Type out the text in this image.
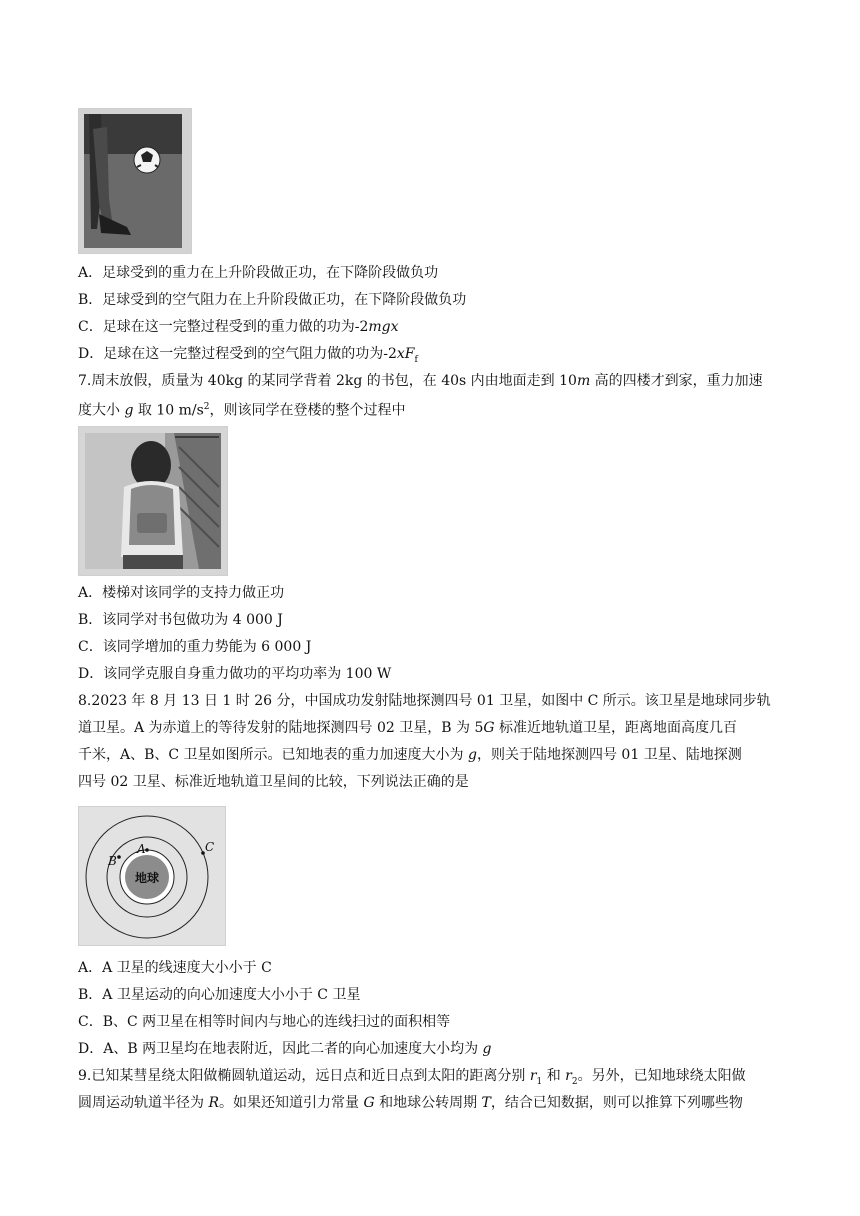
A．足球受到的重力在上升阶段做正功，在下降阶段做负功
B．足球受到的空气阻力在上升阶段做正功，在下降阶段做负功
C．足球在这一完整过程受到的重力做的功为-2mgx
D．足球在这一完整过程受到的空气阻力做的功为$-2xF_f$
7.周末放假，质量为 40kg 的某同学背着 2kg 的书包，在 40s 内由地面走到 10m 高的四楼才到家，重力加速
度大小 g 取 10 $m/s^2$，则该同学在登楼的整个过程中
A．楼梯对该同学的支持力做正功
B．该同学对书包做功为 4 000 J
C．该同学增加的重力势能为 6 000 J
D．该同学克服自身重力做功的平均功率为 100 W
8.2023 年 8 月 13 日 1 时 26 分，中国成功发射陆地探测四号 01 卫星，如图中 C 所示。该卫星是地球同步轨
道卫星。A 为赤道上的等待发射的陆地探测四号 02 卫星，B 为 5G 标准近地轨道卫星，距离地面高度几百
千米，A、B、C 卫星如图所示。已知地表的重力加速度大小为 g，则关于陆地探测四号 01 卫星、陆地探测
四号 02 卫星、标准近地轨道卫星间的比较，下列说法正确的是
地球
A
B
C
A．A 卫星的线速度大小小于 C
B．A 卫星运动的向心加速度大小小于 C 卫星
C．B、C 两卫星在相等时间内与地心的连线扫过的面积相等
D．A、B 两卫星均在地表附近，因此二者的向心加速度大小均为 g
9.已知某彗星绕太阳做椭圆轨道运动，远日点和近日点到太阳的距离分别 $r_1$ 和 $r_2$。另外，已知地球绕太阳做
圆周运动轨道半径为 R。如果还知道引力常量 G 和地球公转周期 T，结合已知数据，则可以推算下列哪些物
